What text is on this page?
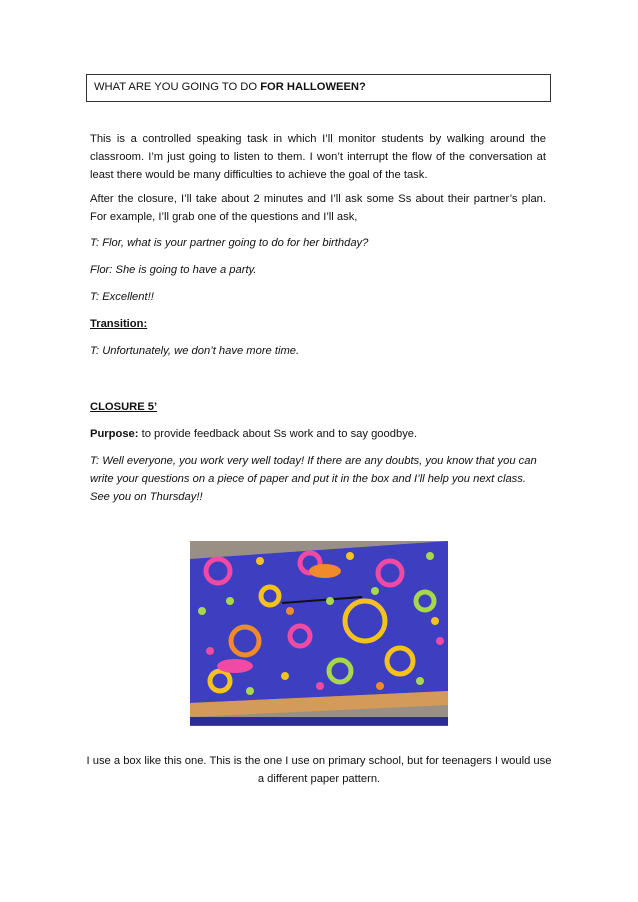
WHAT ARE YOU GOING TO DO FOR HALLOWEEN?

This is a controlled speaking task in which I’ll monitor students by walking around the classroom. I’m just going to listen to them. I won’t interrupt the flow of the conversation at least there would be many difficulties to achieve the goal of the task.

After the closure, I’ll take about 2 minutes and I’ll ask some Ss about their partner’s plan. For example, I’ll grab one of the questions and I’ll ask,

T: Flor, what is your partner going to do for her birthday?

Flor: She is going to have a party.

T: Excellent!!

Transition:

T: Unfortunately, we don’t have more time.

CLOSURE 5’

Purpose: to provide feedback about Ss work and to say goodbye.

T: Well everyone, you work very well today! If there are any doubts, you know that you can write your questions on a piece of paper and put it in the box and I’ll help you next class. See you on Thursday!!

I use a box like this one. This is the one I use on primary school, but for teenagers I would use a different paper pattern.
